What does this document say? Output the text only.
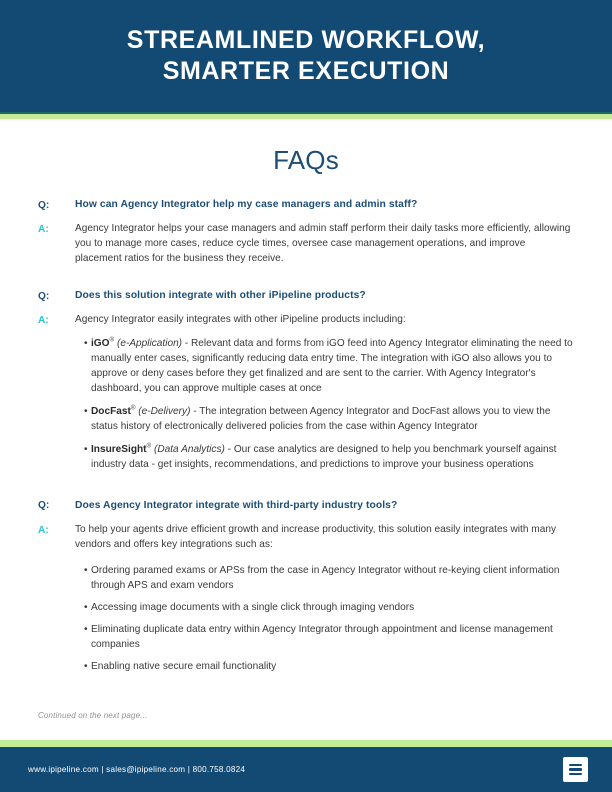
STREAMLINED WORKFLOW,
SMARTER EXECUTION
FAQs
Q:	How can Agency Integrator help my case managers and admin staff?
A:	Agency Integrator helps your case managers and admin staff perform their daily tasks more efficiently, allowing you to manage more cases, reduce cycle times, oversee case management operations, and improve placement ratios for the business they receive.
Q:	Does this solution integrate with other iPipeline products?
A:	Agency Integrator easily integrates with other iPipeline products including:
• iGO® (e-Application) - Relevant data and forms from iGO feed into Agency Integrator eliminating the need to manually enter cases, significantly reducing data entry time. The integration with iGO also allows you to approve or deny cases before they get finalized and are sent to the carrier. With Agency Integrator's dashboard, you can approve multiple cases at once
• DocFast® (e-Delivery) - The integration between Agency Integrator and DocFast allows you to view the status history of electronically delivered policies from the case within Agency Integrator
• InsureSight® (Data Analytics) - Our case analytics are designed to help you benchmark yourself against industry data - get insights, recommendations, and predictions to improve your business operations
Q:	Does Agency Integrator integrate with third-party industry tools?
A:	To help your agents drive efficient growth and increase productivity, this solution easily integrates with many vendors and offers key integrations such as:
• Ordering paramed exams or APSs from the case in Agency Integrator without re-keying client information through APS and exam vendors
• Accessing image documents with a single click through imaging vendors
• Eliminating duplicate data entry within Agency Integrator through appointment and license management companies
• Enabling native secure email functionality
Continued on the next page...
www.ipipeline.com | sales@ipipeline.com | 800.758.0824
